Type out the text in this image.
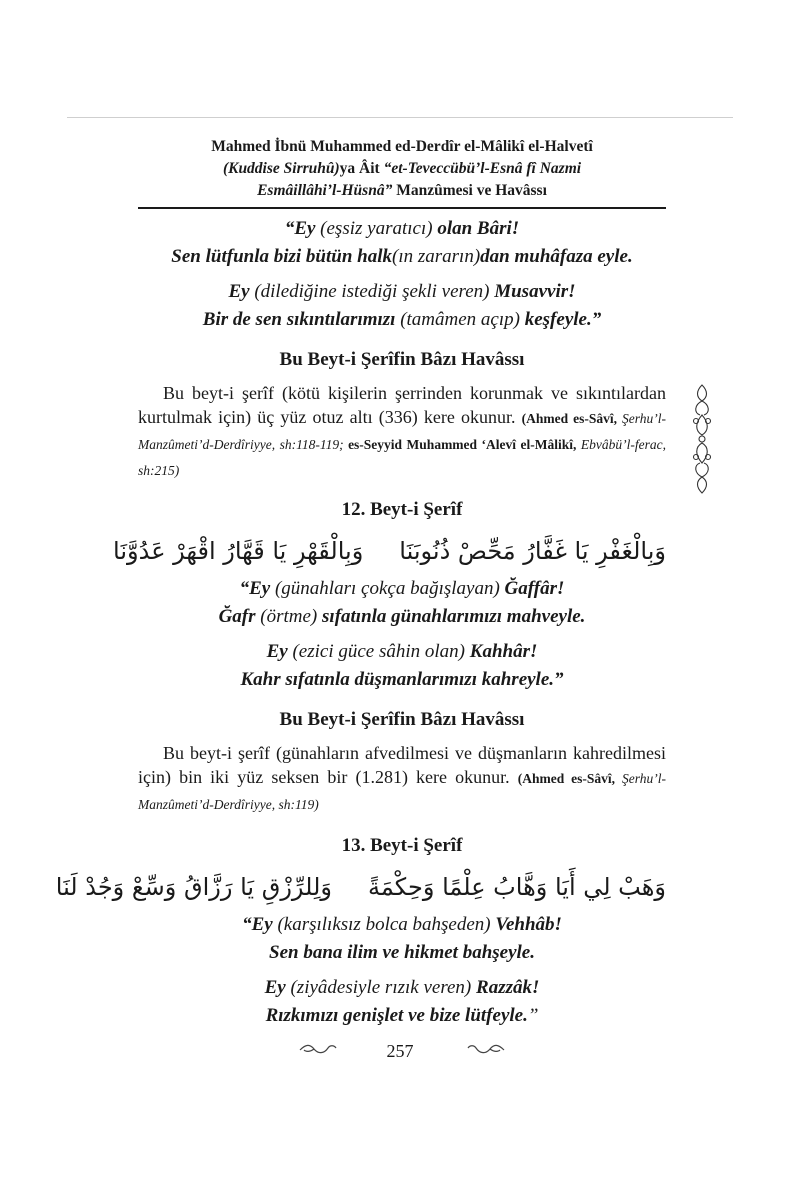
Mahmed İbnü Muhammed ed-Derdîr el-Mâlikî el-Halvetî
(Kuddise Sirruhû)ya Âit “et-Teveccübü’l-Esnâ fî Nazmi
Esmâillâhi’l-Hüsnâ” Manzûmesi ve Havâssı

“Ey (eşsiz yaratıcı) olan Bâri!

Sen lütfunla bizi bütün halk(ın zararın)dan muhâfaza eyle.

Ey (dilediğine istediği şekli veren) Musavvir!

Bir de sen sıkıntılarımızı (tamâmen açıp) keşfeyle.”

Bu Beyt-i Şerîfin Bâzı Havâssı
Bu beyt-i şerîf (kötü kişilerin şerrinden korunmak ve sıkıntılardan kurtulmak için) üç yüz otuz altı (336) kere okunur. (Ahmed es-Sâvî, Şerhu’l-Manzûmeti’d-Derdîriyye, sh:118-119; es-Seyyid Muhammed ‘Alevî el-Mâlikî, Ebvâbü’l-ferac, sh:215)
12. Beyt-i Şerîf
وَبِالْغَفْرِ يَا غَفَّارُ مَحِّصْ ذُنُوبَنَاوَبِالْقَهْرِ يَا قَهَّارُ اقْهَرْ عَدُوَّنَا

“Ey (günahları çokça bağışlayan) Ğaffâr!

Ğafr (örtme) sıfatınla günahlarımızı mahveyle.

Ey (ezici güce sâhin olan) Kahhâr!

Kahr sıfatınla düşmanlarımızı kahreyle.”

Bu Beyt-i Şerîfin Bâzı Havâssı
Bu beyt-i şerîf (günahların afvedilmesi ve düşmanların kahredilmesi için) bin iki yüz seksen bir (1.281) kere okunur. (Ahmed es-Sâvî, Şerhu’l-Manzûmeti’d-Derdîriyye, sh:119)
13. Beyt-i Şerîf
وَهَبْ لِي أَيَا وَهَّابُ عِلْمًا وَحِكْمَةًوَلِلرِّزْقِ يَا رَزَّاقُ وَسِّعْ وَجُدْ لَنَا

“Ey (karşılıksız bolca bahşeden) Vehhâb!

Sen bana ilim ve hikmet bahşeyle.

Ey (ziyâdesiyle rızık veren) Razzâk!

Rızkımızı genişlet ve bize lütfeyle.”

257
